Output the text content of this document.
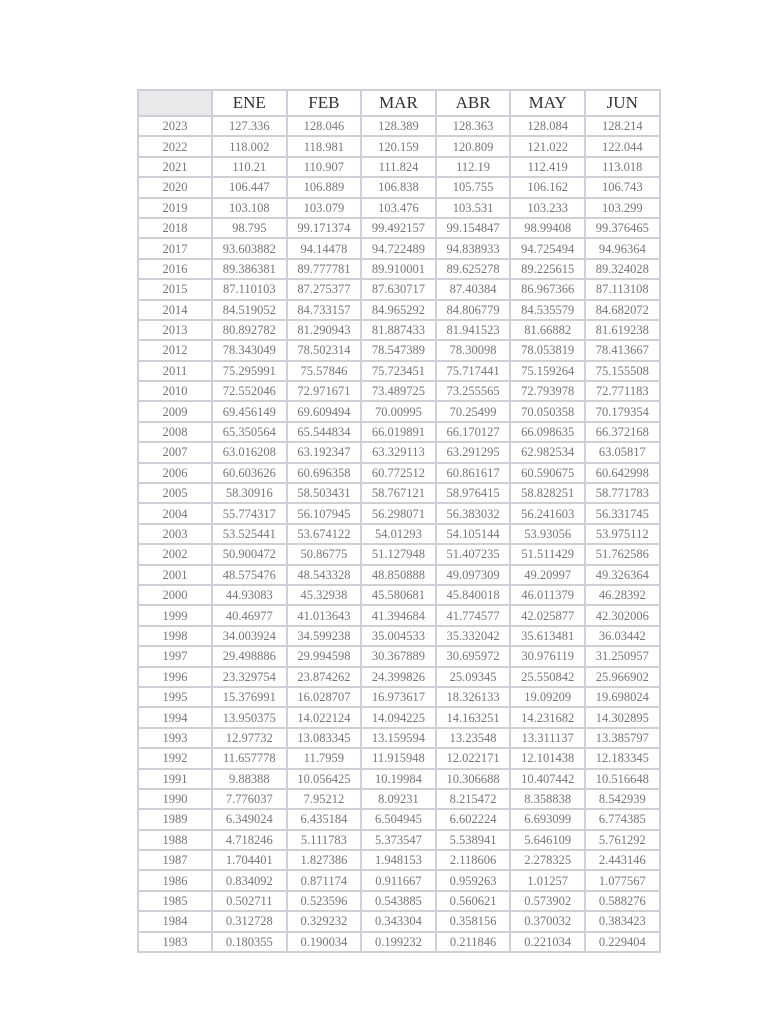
	ENE	FEB	MAR	ABR	MAY	JUN
2023	127.336	128.046	128.389	128.363	128.084	128.214
2022	118.002	118.981	120.159	120.809	121.022	122.044
2021	110.21	110.907	111.824	112.19	112.419	113.018
2020	106.447	106.889	106.838	105.755	106.162	106.743
2019	103.108	103.079	103.476	103.531	103.233	103.299
2018	98.795	99.171374	99.492157	99.154847	98.99408	99.376465
2017	93.603882	94.14478	94.722489	94.838933	94.725494	94.96364
2016	89.386381	89.777781	89.910001	89.625278	89.225615	89.324028
2015	87.110103	87.275377	87.630717	87.40384	86.967366	87.113108
2014	84.519052	84.733157	84.965292	84.806779	84.535579	84.682072
2013	80.892782	81.290943	81.887433	81.941523	81.66882	81.619238
2012	78.343049	78.502314	78.547389	78.30098	78.053819	78.413667
2011	75.295991	75.57846	75.723451	75.717441	75.159264	75.155508
2010	72.552046	72.971671	73.489725	73.255565	72.793978	72.771183
2009	69.456149	69.609494	70.00995	70.25499	70.050358	70.179354
2008	65.350564	65.544834	66.019891	66.170127	66.098635	66.372168
2007	63.016208	63.192347	63.329113	63.291295	62.982534	63.05817
2006	60.603626	60.696358	60.772512	60.861617	60.590675	60.642998
2005	58.30916	58.503431	58.767121	58.976415	58.828251	58.771783
2004	55.774317	56.107945	56.298071	56.383032	56.241603	56.331745
2003	53.525441	53.674122	54.01293	54.105144	53.93056	53.975112
2002	50.900472	50.86775	51.127948	51.407235	51.511429	51.762586
2001	48.575476	48.543328	48.850888	49.097309	49.20997	49.326364
2000	44.93083	45.32938	45.580681	45.840018	46.011379	46.28392
1999	40.46977	41.013643	41.394684	41.774577	42.025877	42.302006
1998	34.003924	34.599238	35.004533	35.332042	35.613481	36.03442
1997	29.498886	29.994598	30.367889	30.695972	30.976119	31.250957
1996	23.329754	23.874262	24.399826	25.09345	25.550842	25.966902
1995	15.376991	16.028707	16.973617	18.326133	19.09209	19.698024
1994	13.950375	14.022124	14.094225	14.163251	14.231682	14.302895
1993	12.97732	13.083345	13.159594	13.23548	13.311137	13.385797
1992	11.657778	11.7959	11.915948	12.022171	12.101438	12.183345
1991	9.88388	10.056425	10.19984	10.306688	10.407442	10.516648
1990	7.776037	7.95212	8.09231	8.215472	8.358838	8.542939
1989	6.349024	6.435184	6.504945	6.602224	6.693099	6.774385
1988	4.718246	5.111783	5.373547	5.538941	5.646109	5.761292
1987	1.704401	1.827386	1.948153	2.118606	2.278325	2.443146
1986	0.834092	0.871174	0.911667	0.959263	1.01257	1.077567
1985	0.502711	0.523596	0.543885	0.560621	0.573902	0.588276
1984	0.312728	0.329232	0.343304	0.358156	0.370032	0.383423
1983	0.180355	0.190034	0.199232	0.211846	0.221034	0.229404
